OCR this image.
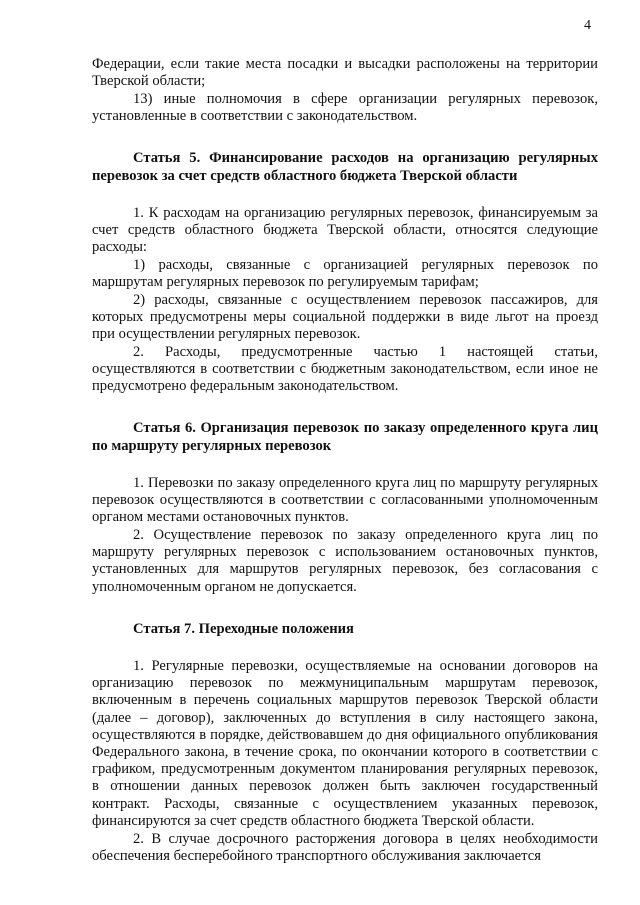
4

Федерации, если такие места посадки и высадки расположены на территории Тверской области;

13) иные полномочия в сфере организации регулярных перевозок, установленные в соответствии с законодательством.

Статья 5. Финансирование расходов на организацию регулярных перевозок за счет средств областного бюджета Тверской области

1. К расходам на организацию регулярных перевозок, финансируемым за счет средств областного бюджета Тверской области, относятся следующие расходы:

1) расходы, связанные с организацией регулярных перевозок по маршрутам регулярных перевозок по регулируемым тарифам;

2) расходы, связанные с осуществлением перевозок пассажиров, для которых предусмотрены меры социальной поддержки в виде льгот на проезд при осуществлении регулярных перевозок.

2. Расходы, предусмотренные частью 1 настоящей статьи, осуществляются в соответствии с бюджетным законодательством, если иное не предусмотрено федеральным законодательством.

Статья 6. Организация перевозок по заказу определенного круга лиц по маршруту регулярных перевозок

1. Перевозки по заказу определенного круга лиц по маршруту регулярных перевозок осуществляются в соответствии с согласованными уполномоченным органом местами остановочных пунктов.

2. Осуществление перевозок по заказу определенного круга лиц по маршруту регулярных перевозок с использованием остановочных пунктов, установленных для маршрутов регулярных перевозок, без согласования с уполномоченным органом не допускается.

Статья 7. Переходные положения

1. Регулярные перевозки, осуществляемые на основании договоров на организацию перевозок по межмуниципальным маршрутам перевозок, включенным в перечень социальных маршрутов перевозок Тверской области (далее – договор), заключенных до вступления в силу настоящего закона, осуществляются в порядке, действовавшем до дня официального опубликования Федерального закона, в течение срока, по окончании которого в соответствии с графиком, предусмотренным документом планирования регулярных перевозок, в отношении данных перевозок должен быть заключен государственный контракт. Расходы, связанные с осуществлением указанных перевозок, финансируются за счет средств областного бюджета Тверской области.

2. В случае досрочного расторжения договора в целях необходимости обеспечения бесперебойного транспортного обслуживания заключается
